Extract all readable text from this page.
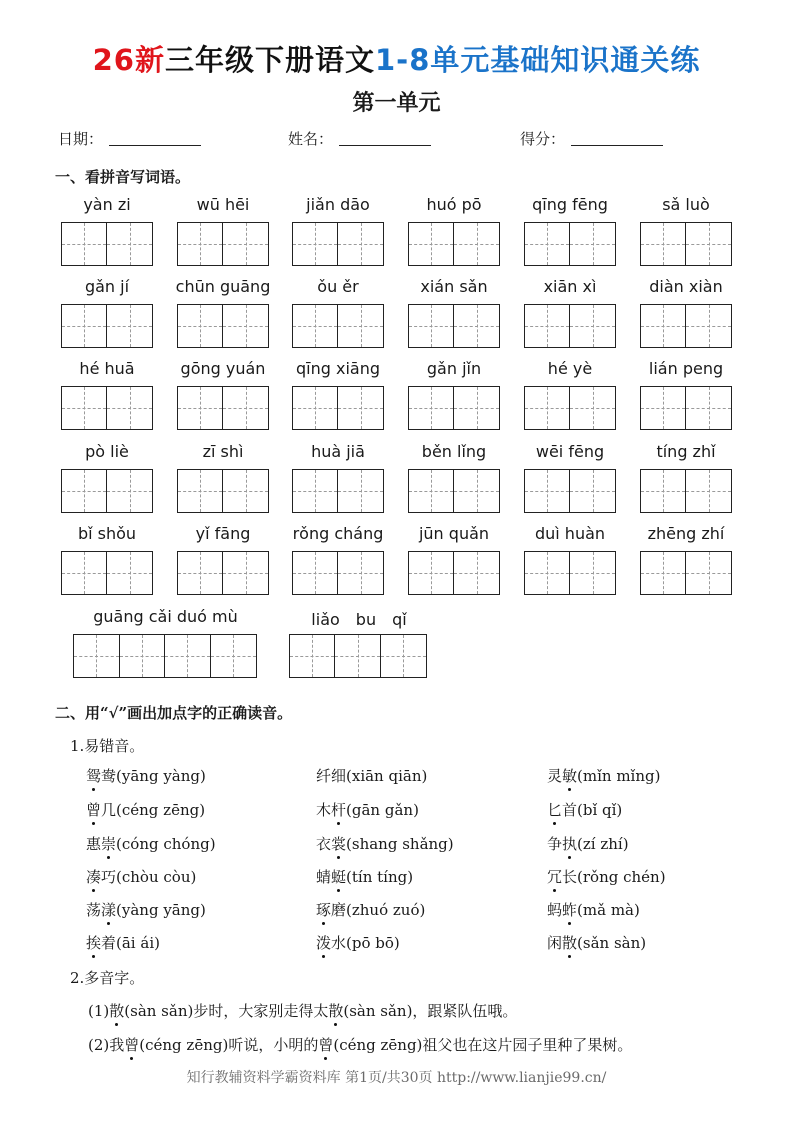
26新三年级下册语文1-8单元基础知识通关练
第一单元
日期：	姓名：	得分：
一、看拼音写词语。
yàn zi	wū hēi	jiǎn dāo	huó pō	qīng fēng	sǎ luò
gǎn jí	chūn guāng	ǒu ěr	xián sǎn	xiān xì	diàn xiàn
hé huā	gōng yuán	qīng xiāng	gǎn jǐn	hé yè	lián peng
pò liè	zī shì	huà jiā	běn lǐng	wēi fēng	tíng zhǐ
bǐ shǒu	yǐ fāng	rǒng cháng	jūn quǎn	duì huàn	zhēng zhí
guāng cǎi duó mù	liǎo　bu　qǐ
二、用“√”画出加点字的正确读音。
1.易错音。
鸳鸯(yāng yàng)	纤细(xiān qiān)	灵敏(mǐn mǐng)
曾几(céng zēng)	木杆(gān gǎn)	匕首(bǐ qǐ)
惠崇(cóng chóng)	衣裳(shang shǎng)	争执(zí zhí)
凑巧(chòu còu)	蜻蜓(tín tíng)	冗长(rǒng chén)
荡漾(yàng yāng)	琢磨(zhuó zuó)	蚂蚱(mǎ mà)
挨着(āi ái)	泼水(pō bō)	闲散(sǎn sàn)
2.多音字。
(1)散(sàn sǎn)步时，大家别走得太散(sàn sǎn)，跟紧队伍哦。
(2)我曾(céng zēng)听说，小明的曾(céng zēng)祖父也在这片园子里种了果树。
知行教辅资料学霸资料库 第1页/共30页 http://www.lianjie99.cn/
